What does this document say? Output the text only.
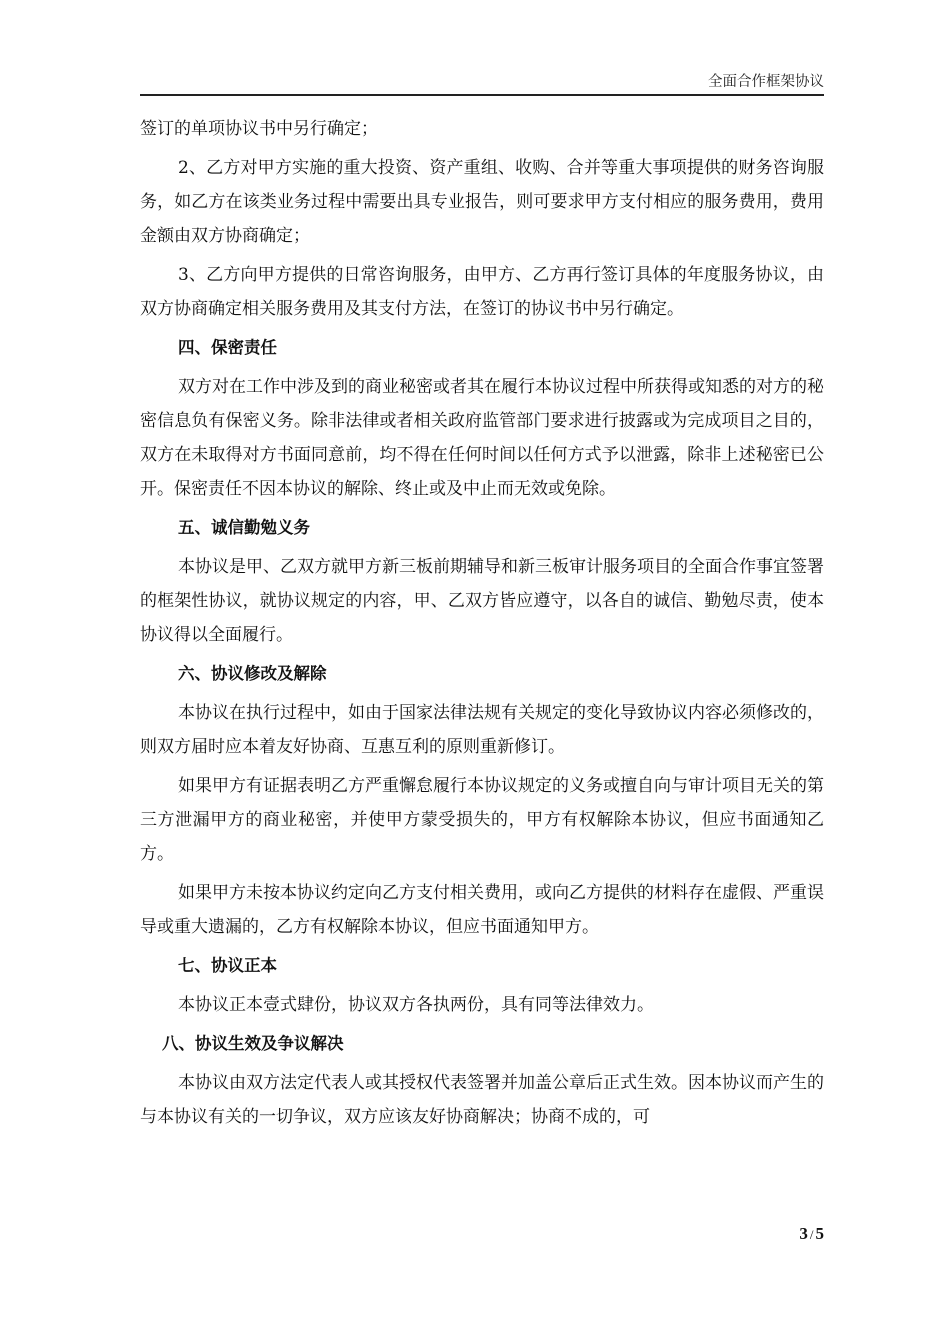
全面合作框架协议

签订的单项协议书中另行确定；

2、乙方对甲方实施的重大投资、资产重组、收购、合并等重大事项提供的财务咨询服务，如乙方在该类业务过程中需要出具专业报告，则可要求甲方支付相应的服务费用，费用金额由双方协商确定；

3、乙方向甲方提供的日常咨询服务，由甲方、乙方再行签订具体的年度服务协议，由双方协商确定相关服务费用及其支付方法，在签订的协议书中另行确定。

四、保密责任

双方对在工作中涉及到的商业秘密或者其在履行本协议过程中所获得或知悉的对方的秘密信息负有保密义务。除非法律或者相关政府监管部门要求进行披露或为完成项目之目的，双方在未取得对方书面同意前，均不得在任何时间以任何方式予以泄露，除非上述秘密已公开。保密责任不因本协议的解除、终止或及中止而无效或免除。

五、诚信勤勉义务

本协议是甲、乙双方就甲方新三板前期辅导和新三板审计服务项目的全面合作事宜签署的框架性协议，就协议规定的内容，甲、乙双方皆应遵守，以各自的诚信、勤勉尽责，使本协议得以全面履行。

六、协议修改及解除

本协议在执行过程中，如由于国家法律法规有关规定的变化导致协议内容必须修改的，则双方届时应本着友好协商、互惠互利的原则重新修订。

如果甲方有证据表明乙方严重懈怠履行本协议规定的义务或擅自向与审计项目无关的第三方泄漏甲方的商业秘密，并使甲方蒙受损失的，甲方有权解除本协议，但应书面通知乙方。

如果甲方未按本协议约定向乙方支付相关费用，或向乙方提供的材料存在虚假、严重误导或重大遗漏的，乙方有权解除本协议，但应书面通知甲方。

七、协议正本

本协议正本壹式肆份，协议双方各执两份，具有同等法律效力。

八、协议生效及争议解决

本协议由双方法定代表人或其授权代表签署并加盖公章后正式生效。因本协议而产生的与本协议有关的一切争议，双方应该友好协商解决；协商不成的，可

3 / 5
